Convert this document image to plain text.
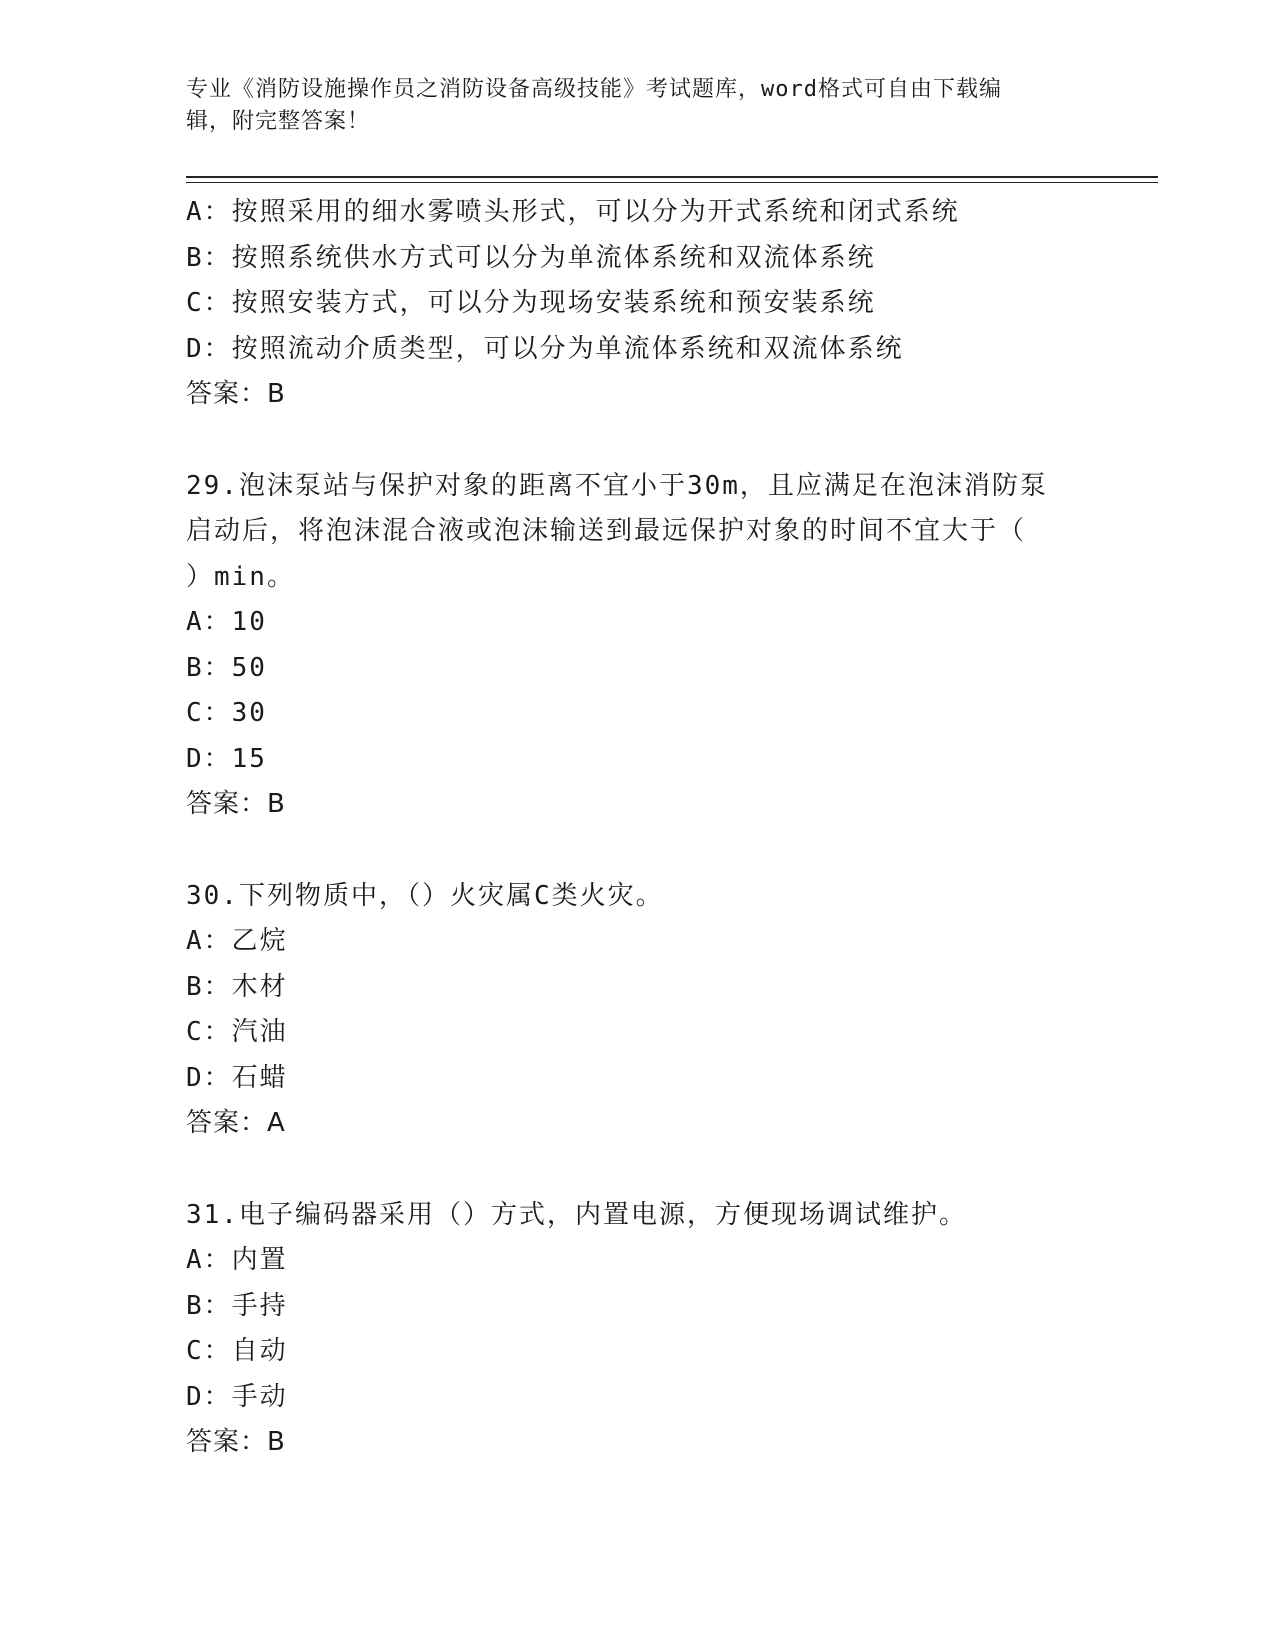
专业《消防设施操作员之消防设备高级技能》考试题库，word格式可自由下载编
辑，附完整答案！
A：按照采用的细水雾喷头形式，可以分为开式系统和闭式系统
B：按照系统供水方式可以分为单流体系统和双流体系统
C：按照安装方式，可以分为现场安装系统和预安装系统
D：按照流动介质类型，可以分为单流体系统和双流体系统
答案：B
29.泡沫泵站与保护对象的距离不宜小于30m，且应满足在泡沫消防泵
启动后，将泡沫混合液或泡沫输送到最远保护对象的时间不宜大于（
）min。
A：10
B：50
C：30
D：15
答案：B
30.下列物质中，（）火灾属C类火灾。
A：乙烷
B：木材
C：汽油
D：石蜡
答案：A
31.电子编码器采用（）方式，内置电源，方便现场调试维护。
A：内置
B：手持
C：自动
D：手动
答案：B
